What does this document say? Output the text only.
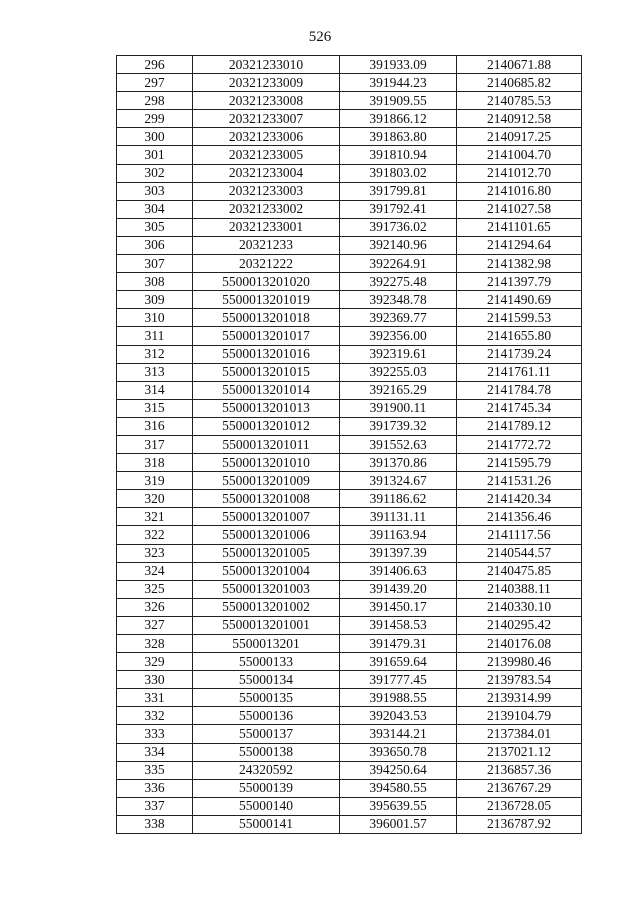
526
296	20321233010	391933.09	2140671.88
297	20321233009	391944.23	2140685.82
298	20321233008	391909.55	2140785.53
299	20321233007	391866.12	2140912.58
300	20321233006	391863.80	2140917.25
301	20321233005	391810.94	2141004.70
302	20321233004	391803.02	2141012.70
303	20321233003	391799.81	2141016.80
304	20321233002	391792.41	2141027.58
305	20321233001	391736.02	2141101.65
306	20321233	392140.96	2141294.64
307	20321222	392264.91	2141382.98
308	5500013201020	392275.48	2141397.79
309	5500013201019	392348.78	2141490.69
310	5500013201018	392369.77	2141599.53
311	5500013201017	392356.00	2141655.80
312	5500013201016	392319.61	2141739.24
313	5500013201015	392255.03	2141761.11
314	5500013201014	392165.29	2141784.78
315	5500013201013	391900.11	2141745.34
316	5500013201012	391739.32	2141789.12
317	5500013201011	391552.63	2141772.72
318	5500013201010	391370.86	2141595.79
319	5500013201009	391324.67	2141531.26
320	5500013201008	391186.62	2141420.34
321	5500013201007	391131.11	2141356.46
322	5500013201006	391163.94	2141117.56
323	5500013201005	391397.39	2140544.57
324	5500013201004	391406.63	2140475.85
325	5500013201003	391439.20	2140388.11
326	5500013201002	391450.17	2140330.10
327	5500013201001	391458.53	2140295.42
328	5500013201	391479.31	2140176.08
329	55000133	391659.64	2139980.46
330	55000134	391777.45	2139783.54
331	55000135	391988.55	2139314.99
332	55000136	392043.53	2139104.79
333	55000137	393144.21	2137384.01
334	55000138	393650.78	2137021.12
335	24320592	394250.64	2136857.36
336	55000139	394580.55	2136767.29
337	55000140	395639.55	2136728.05
338	55000141	396001.57	2136787.92
